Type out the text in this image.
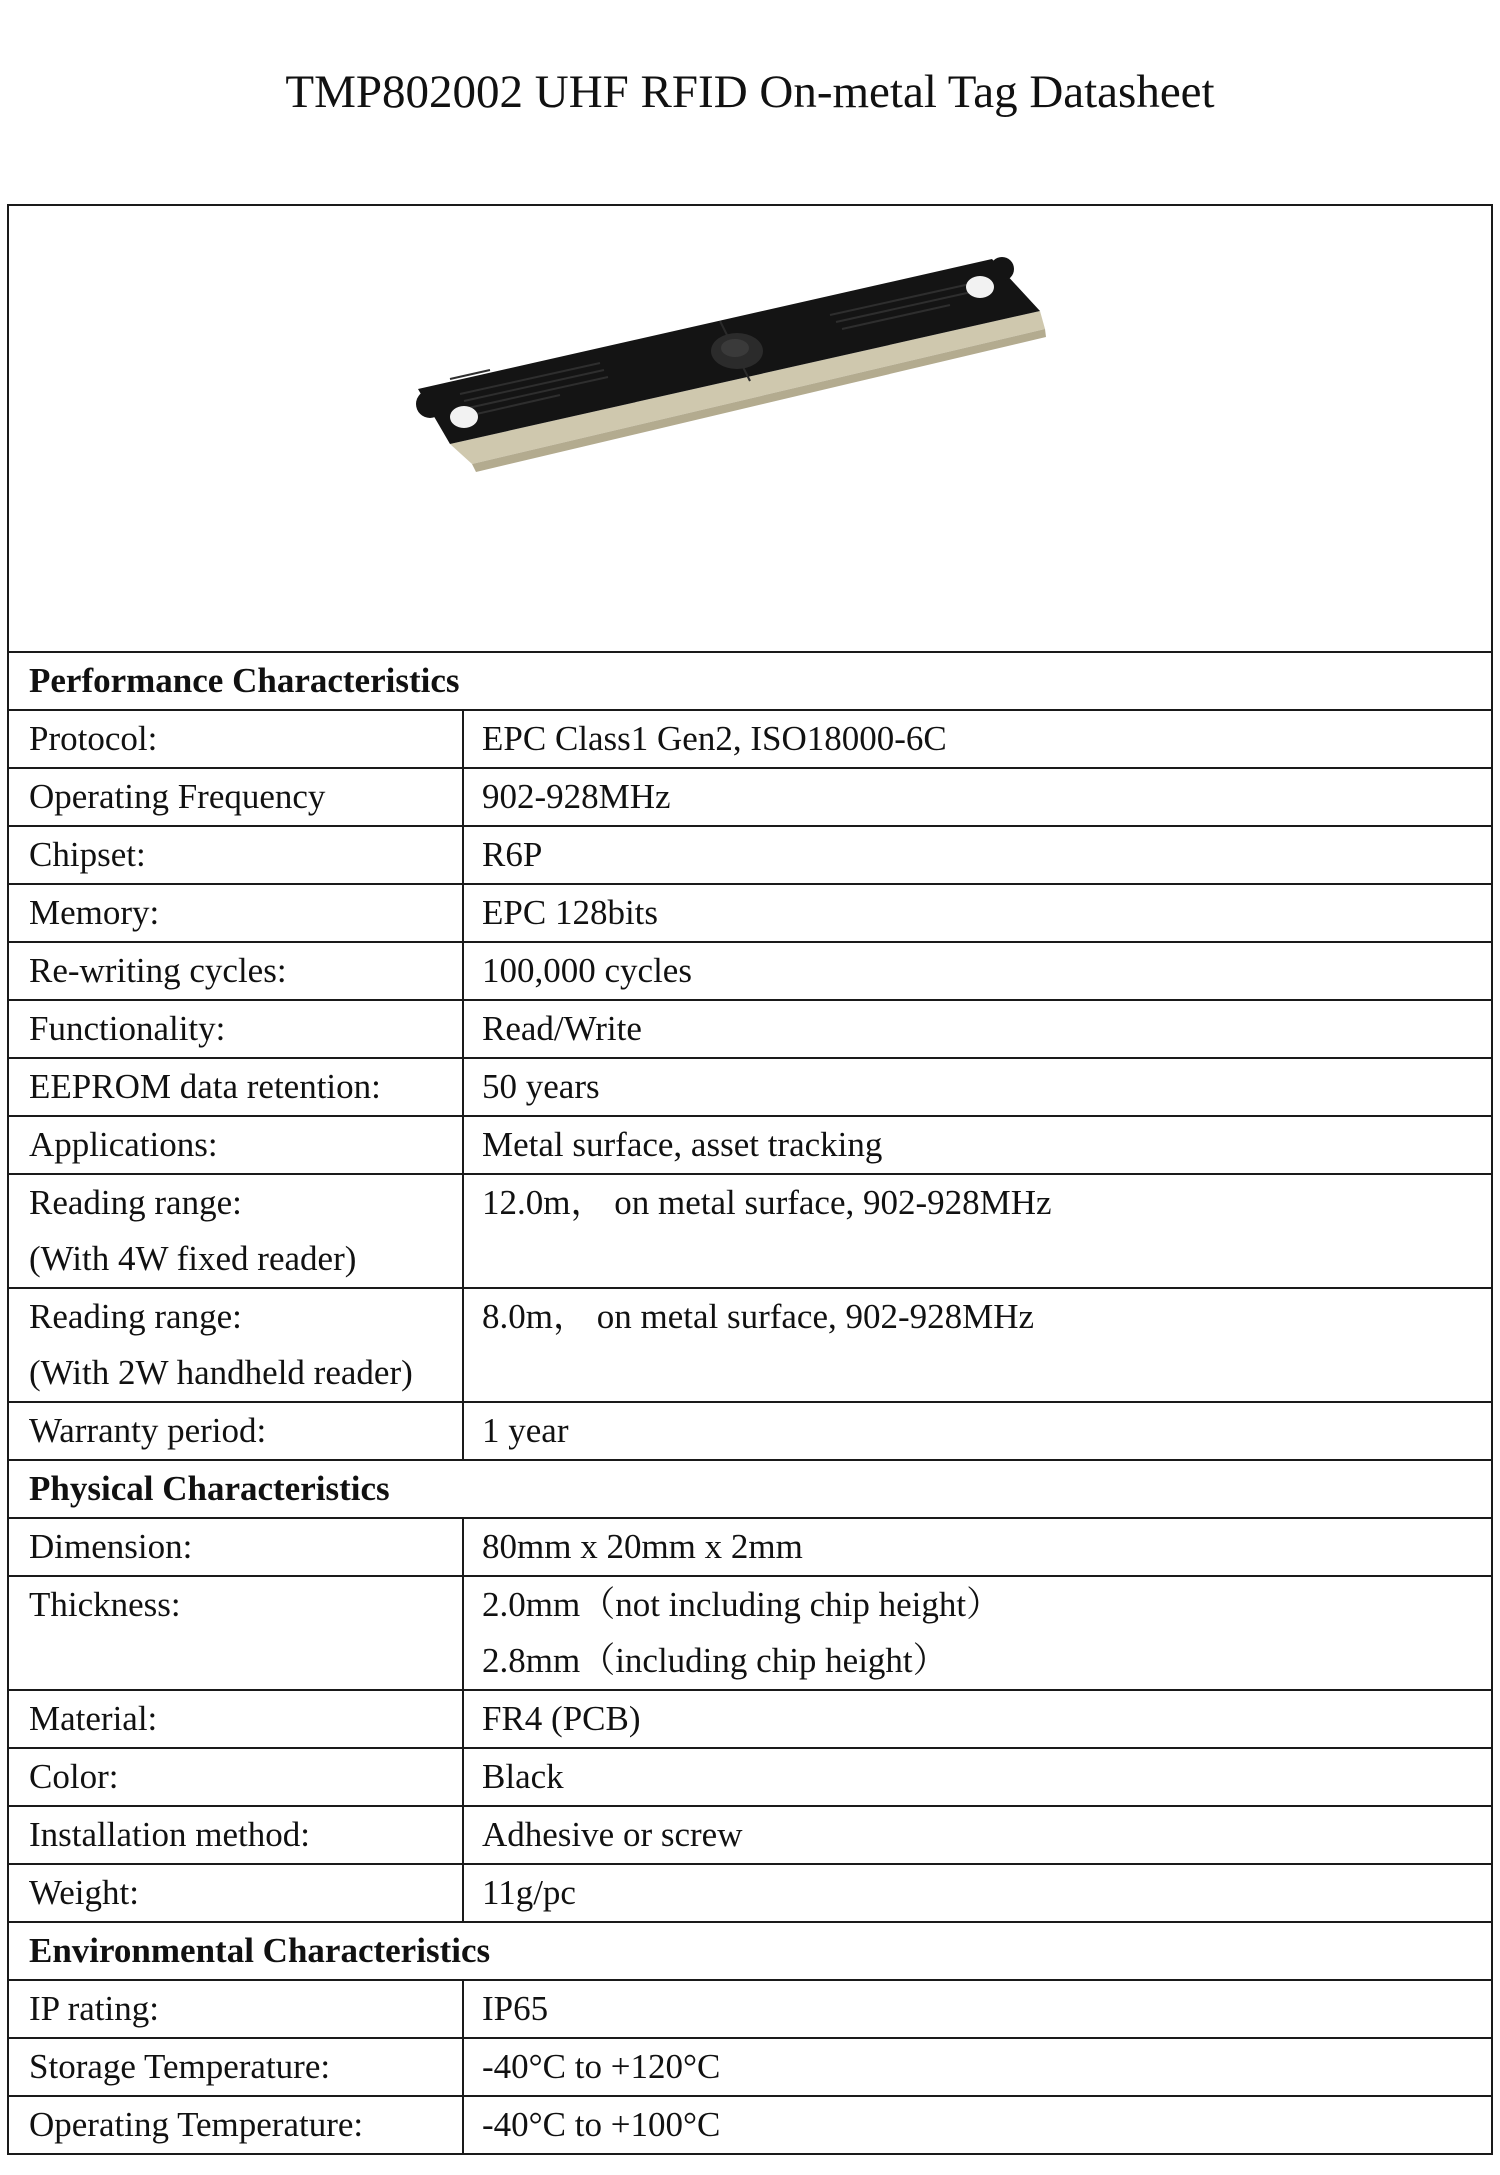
TMP802002 UHF RFID On-metal Tag Datasheet

Performance Characteristics	
Protocol:	EPC Class1 Gen2, ISO18000-6C
Operating Frequency	902-928MHz
Chipset:	R6P
Memory:	EPC 128bits
Re-writing cycles:	100,000 cycles
Functionality:	Read/Write
EEPROM data retention:	50 years
Applications:	Metal surface, asset tracking

Reading range:
(With 4W fixed reader)	12.0m， on metal surface, 902-928MHz

Reading range:
(With 2W handheld reader)	8.0m， on metal surface, 902-928MHz

Warranty period:	1 year
Physical Characteristics	
Dimension:	80mm x 20mm x 2mm

Thickness:	2.0mm（not including chip height）
2.8mm（including chip height）

Material:	FR4 (PCB)
Color:	Black
Installation method:	Adhesive or screw
Weight:	11g/pc
Environmental Characteristics	
IP rating:	IP65
Storage Temperature:	-40°C to +120°C
Operating Temperature:	-40°C to +100°C
